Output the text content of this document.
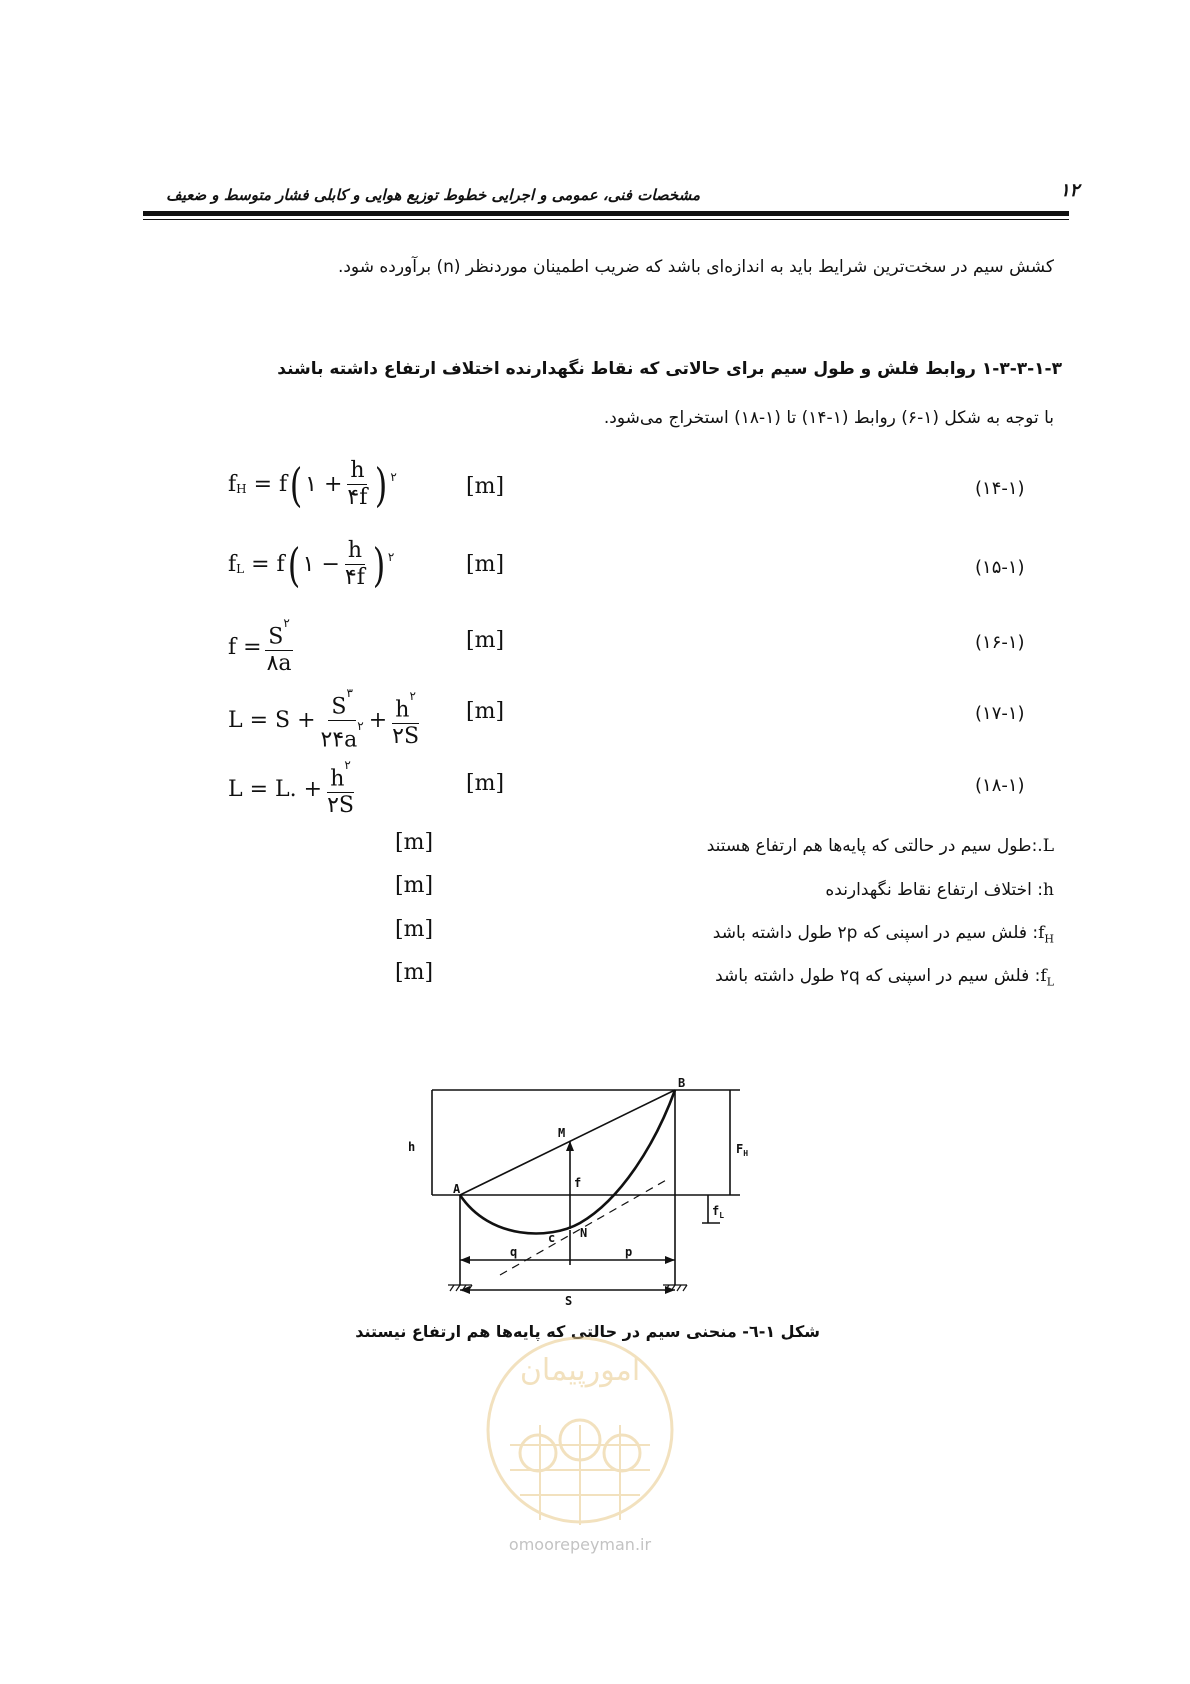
مشخصات فنی، عمومی و اجرایی خطوط توزیع هوایی و کابلی فشار متوسط و ضعیف	۱۲
کشش سیم در سخت‌ترین شرایط باید به اندازه‌ای باشد که ضریب اطمینان موردنظر (n) برآورده شود.
۱-۳-۳-۱-۳ روابط فلش و طول سیم برای حالاتی که نقاط نگهدارنده اختلاف ارتفاع داشته باشند
با توجه به شکل (۱-۶) روابط (۱-۱۴) تا (۱-۱۸) استخراج می‌شود.
$f_H$
= f ( ۱
+ $\frac{h}{۴f} )^۲$	[m]	(۱۴-۱)
$f_L$
= f ( ۱
− $\frac{h}{۴f} )^۲$	[m]	(۱۵-۱)
$f = \frac{S^۲}{۸a}$	[m]	(۱۶-۱)
$L = S + \frac{S^۳}{۲۴a^۲} + \frac{h^۲}{۲S} [m]$	(۱۷-۱)
L = L. + $\frac{h^۲}{۲S}$	[m]	(۱۸-۱)
L.:طول سیم در حالتی که پایه‌ها هم ارتفاع هستند
[m]
h: اختلاف ارتفاع نقاط نگهدارنده
[m]
$f_H$: فلش سیم در اسپنی که ۲p طول داشته باشد
[m]
$f_L$: فلش سیم در اسپنی که ۲q طول داشته باشد
[m]
A
B
M
N
c
h
f
$F_H$
$f_L$
q	p
S
شکل ۱-٦- منحنی سیم در حالتی که پایه‌ها هم ارتفاع نیستند
امورپیمان
omoorepeyman.ir
